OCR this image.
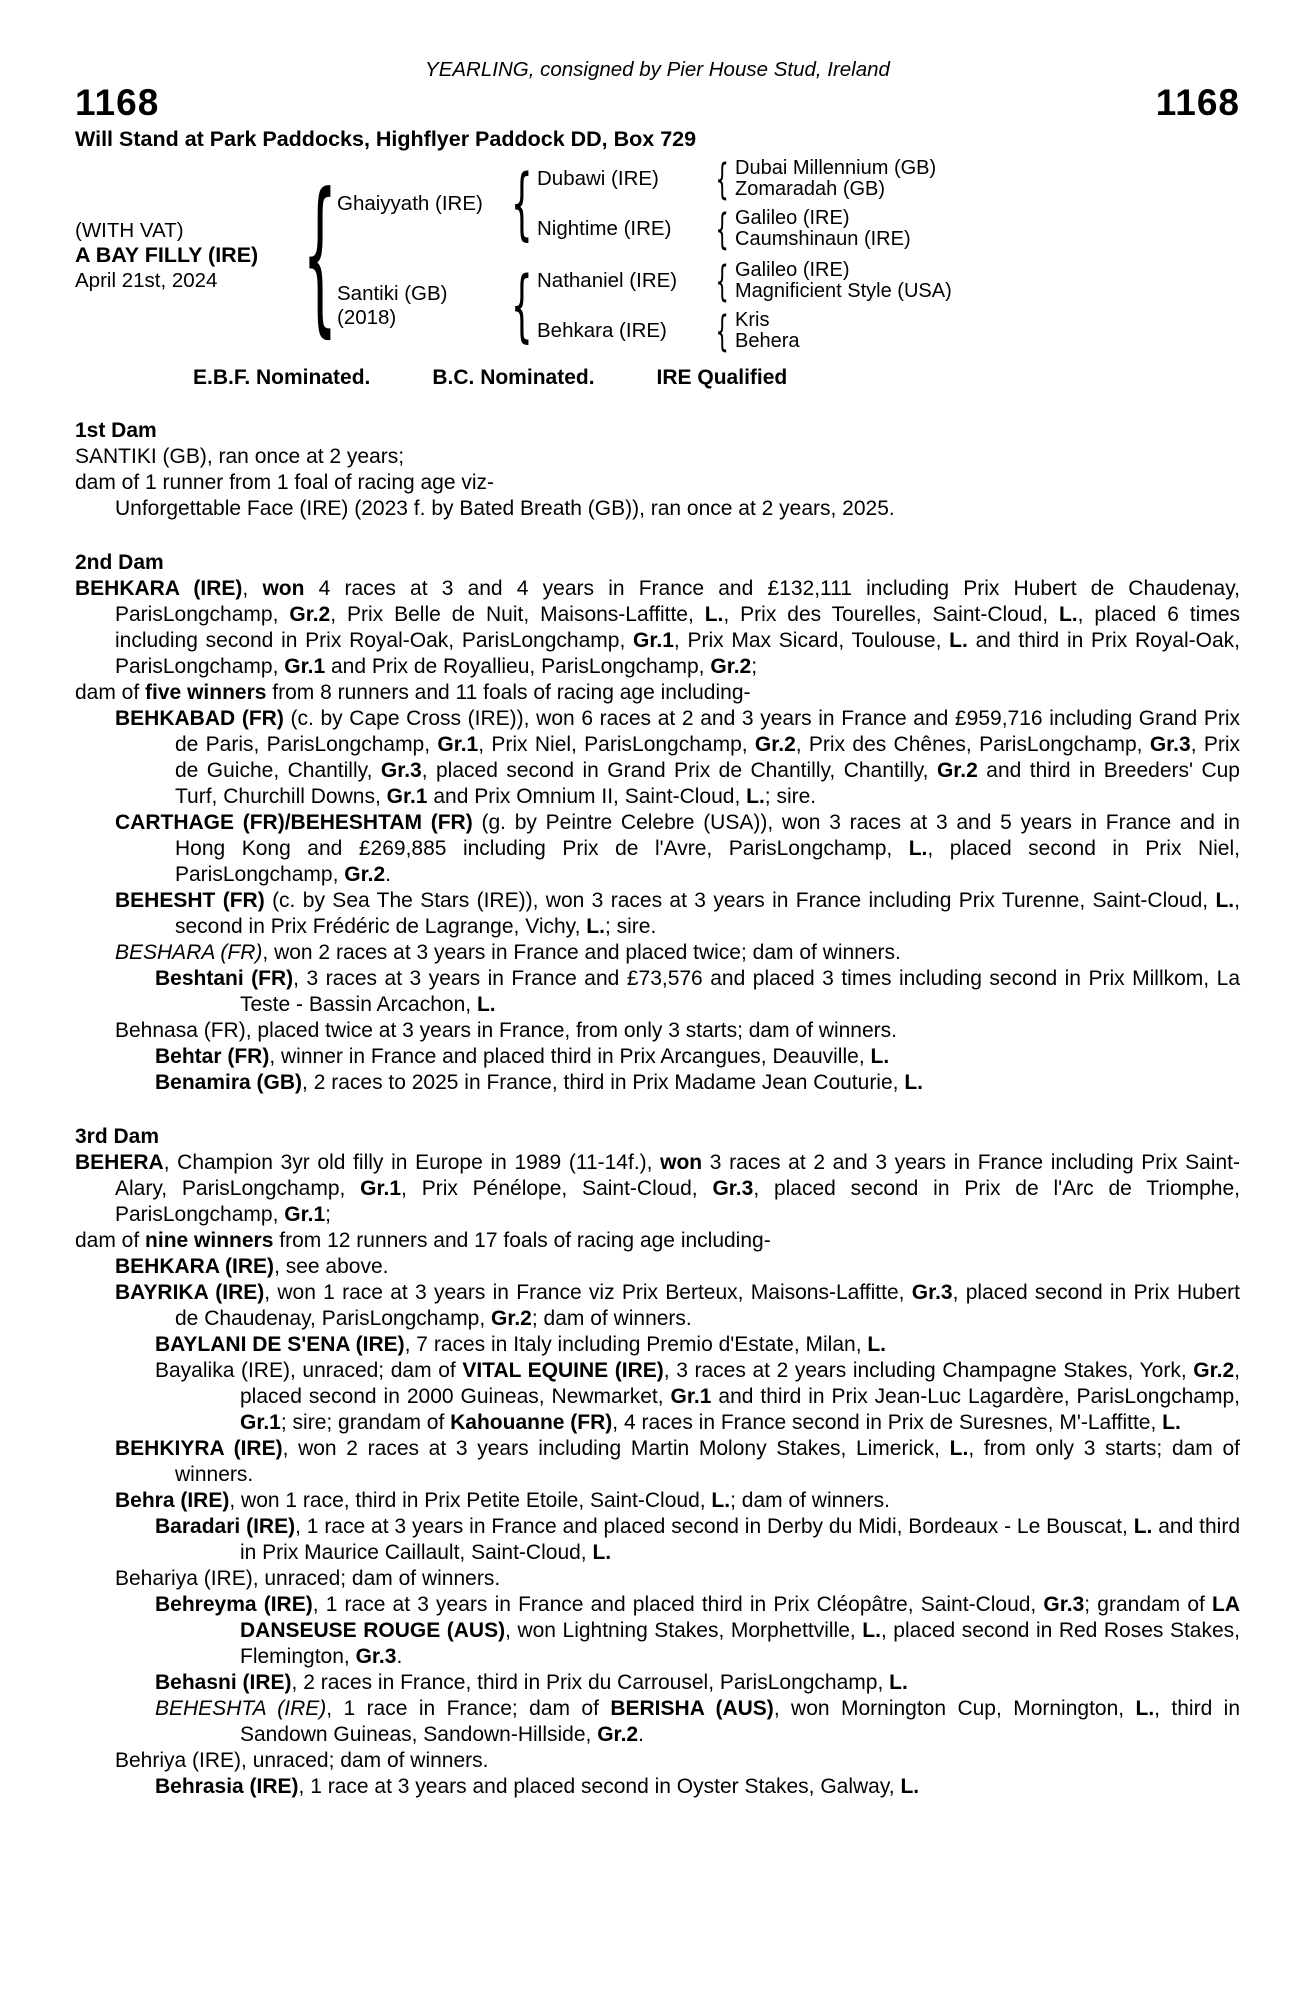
YEARLING, consigned by Pier House Stud, Ireland
1168	1168
Will Stand at Park Paddocks, Highflyer Paddock DD, Box 729
(WITH VAT)
A BAY FILLY (IRE)
April 21st, 2024 { Ghaiyyath (IRE) { Dubawi (IRE)	{ Dubai Millennium (GB)
Zomaradah (GB)
Nightime (IRE)	{ Galileo (IRE)
Caumshinaun (IRE)
Santiki (GB)
(2018)	{ Nathaniel (IRE)	{ Galileo (IRE)
Magnificient Style (USA)
Behkara (IRE)	{ Kris
Behera
E.B.F. Nominated.	B.C. Nominated.	IRE Qualified
1st Dam

SANTIKI (GB), ran once at 2 years;

dam of 1 runner from 1 foal of racing age viz-

Unforgettable Face (IRE) (2023 f. by Bated Breath (GB)), ran once at 2 years, 2025.

2nd Dam

BEHKARA (IRE), won 4 races at 3 and 4 years in France and £132,111 including Prix Hubert de Chaudenay, ParisLongchamp, Gr.2, Prix Belle de Nuit, Maisons-Laffitte, L., Prix des Tourelles, Saint-Cloud, L., placed 6 times including second in Prix Royal-Oak, ParisLongchamp, Gr.1, Prix Max Sicard, Toulouse, L. and third in Prix Royal-Oak, ParisLongchamp, Gr.1 and Prix de Royallieu, ParisLongchamp, Gr.2;

dam of five winners from 8 runners and 11 foals of racing age including-

BEHKABAD (FR) (c. by Cape Cross (IRE)), won 6 races at 2 and 3 years in France and £959,716 including Grand Prix de Paris, ParisLongchamp, Gr.1, Prix Niel, ParisLongchamp, Gr.2, Prix des Chênes, ParisLongchamp, Gr.3, Prix de Guiche, Chantilly, Gr.3, placed second in Grand Prix de Chantilly, Chantilly, Gr.2 and third in Breeders' Cup Turf, Churchill Downs, Gr.1 and Prix Omnium II, Saint-Cloud, L.; sire.

CARTHAGE (FR)/BEHESHTAM (FR) (g. by Peintre Celebre (USA)), won 3 races at 3 and 5 years in France and in Hong Kong and £269,885 including Prix de l'Avre, ParisLongchamp, L., placed second in Prix Niel, ParisLongchamp, Gr.2.

BEHESHT (FR) (c. by Sea The Stars (IRE)), won 3 races at 3 years in France including Prix Turenne, Saint-Cloud, L., second in Prix Frédéric de Lagrange, Vichy, L.; sire.

BESHARA (FR), won 2 races at 3 years in France and placed twice; dam of winners.

Beshtani (FR), 3 races at 3 years in France and £73,576 and placed 3 times including second in Prix Millkom, La Teste - Bassin Arcachon, L.

Behnasa (FR), placed twice at 3 years in France, from only 3 starts; dam of winners.

Behtar (FR), winner in France and placed third in Prix Arcangues, Deauville, L.

Benamira (GB), 2 races to 2025 in France, third in Prix Madame Jean Couturie, L.

3rd Dam

BEHERA, Champion 3yr old filly in Europe in 1989 (11-14f.), won 3 races at 2 and 3 years in France including Prix Saint-Alary, ParisLongchamp, Gr.1, Prix Pénélope, Saint-Cloud, Gr.3, placed second in Prix de l'Arc de Triomphe, ParisLongchamp, Gr.1;

dam of nine winners from 12 runners and 17 foals of racing age including-

BEHKARA (IRE), see above.

BAYRIKA (IRE), won 1 race at 3 years in France viz Prix Berteux, Maisons-Laffitte, Gr.3, placed second in Prix Hubert de Chaudenay, ParisLongchamp, Gr.2; dam of winners.

BAYLANI DE S'ENA (IRE), 7 races in Italy including Premio d'Estate, Milan, L.

Bayalika (IRE), unraced; dam of VITAL EQUINE (IRE), 3 races at 2 years including Champagne Stakes, York, Gr.2, placed second in 2000 Guineas, Newmarket, Gr.1 and third in Prix Jean-Luc Lagardère, ParisLongchamp, Gr.1; sire; grandam of Kahouanne (FR), 4 races in France second in Prix de Suresnes, M'-Laffitte, L.

BEHKIYRA (IRE), won 2 races at 3 years including Martin Molony Stakes, Limerick, L., from only 3 starts; dam of winners.

Behra (IRE), won 1 race, third in Prix Petite Etoile, Saint-Cloud, L.; dam of winners.

Baradari (IRE), 1 race at 3 years in France and placed second in Derby du Midi, Bordeaux - Le Bouscat, L. and third in Prix Maurice Caillault, Saint-Cloud, L.

Behariya (IRE), unraced; dam of winners.

Behreyma (IRE), 1 race at 3 years in France and placed third in Prix Cléopâtre, Saint-Cloud, Gr.3; grandam of LA DANSEUSE ROUGE (AUS), won Lightning Stakes, Morphettville, L., placed second in Red Roses Stakes, Flemington, Gr.3.

Behasni (IRE), 2 races in France, third in Prix du Carrousel, ParisLongchamp, L.

BEHESHTA (IRE), 1 race in France; dam of BERISHA (AUS), won Mornington Cup, Mornington, L., third in Sandown Guineas, Sandown-Hillside, Gr.2.

Behriya (IRE), unraced; dam of winners.

Behrasia (IRE), 1 race at 3 years and placed second in Oyster Stakes, Galway, L.
